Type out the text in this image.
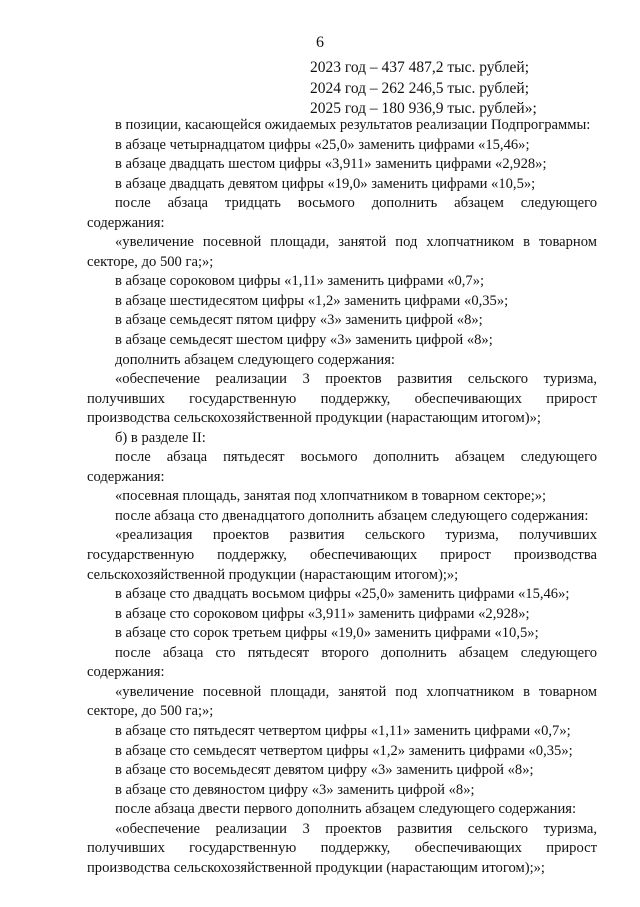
6
2023 год – 437 487,2 тыс. рублей;
2024 год – 262 246,5 тыс. рублей;
2025 год – 180 936,9 тыс. рублей»;

в позиции, касающейся ожидаемых результатов реализации Подпрограммы:

в абзаце четырнадцатом цифры «25,0» заменить цифрами «15,46»;

в абзаце двадцать шестом цифры «3,911» заменить цифрами «2,928»;

в абзаце двадцать девятом цифры «19,0» заменить цифрами «10,5»;

после абзаца тридцать восьмого дополнить абзацем следующего содержания:

«увеличение посевной площади, занятой под хлопчатником в товарном секторе, до 500 га;»;

в абзаце сороковом цифры «1,11» заменить цифрами «0,7»;

в абзаце шестидесятом цифры «1,2» заменить цифрами «0,35»;

в абзаце семьдесят пятом цифру «3» заменить цифрой «8»;

в абзаце семьдесят шестом цифру «3» заменить цифрой «8»;

дополнить абзацем следующего содержания:

«обеспечение реализации 3 проектов развития сельского туризма, получивших государственную поддержку, обеспечивающих прирост производства сельскохозяйственной продукции (нарастающим итогом)»;

б) в разделе II:

после абзаца пятьдесят восьмого дополнить абзацем следующего содержания:

«посевная площадь, занятая под хлопчатником в товарном секторе;»;

после абзаца сто двенадцатого дополнить абзацем следующего содержания:

«реализация проектов развития сельского туризма, получивших государственную поддержку, обеспечивающих прирост производства сельскохозяйственной продукции (нарастающим итогом);»;

в абзаце сто двадцать восьмом цифры «25,0» заменить цифрами «15,46»;

в абзаце сто сороковом цифры «3,911» заменить цифрами «2,928»;

в абзаце сто сорок третьем цифры «19,0» заменить цифрами «10,5»;

после абзаца сто пятьдесят второго дополнить абзацем следующего содержания:

«увеличение посевной площади, занятой под хлопчатником в товарном секторе, до 500 га;»;

в абзаце сто пятьдесят четвертом цифры «1,11» заменить цифрами «0,7»;

в абзаце сто семьдесят четвертом цифры «1,2» заменить цифрами «0,35»;

в абзаце сто восемьдесят девятом цифру «3» заменить цифрой «8»;

в абзаце сто девяностом цифру «3» заменить цифрой «8»;

после абзаца двести первого дополнить абзацем следующего содержания:

«обеспечение реализации 3 проектов развития сельского туризма, получивших государственную поддержку, обеспечивающих прирост производства сельскохозяйственной продукции (нарастающим итогом);»;
